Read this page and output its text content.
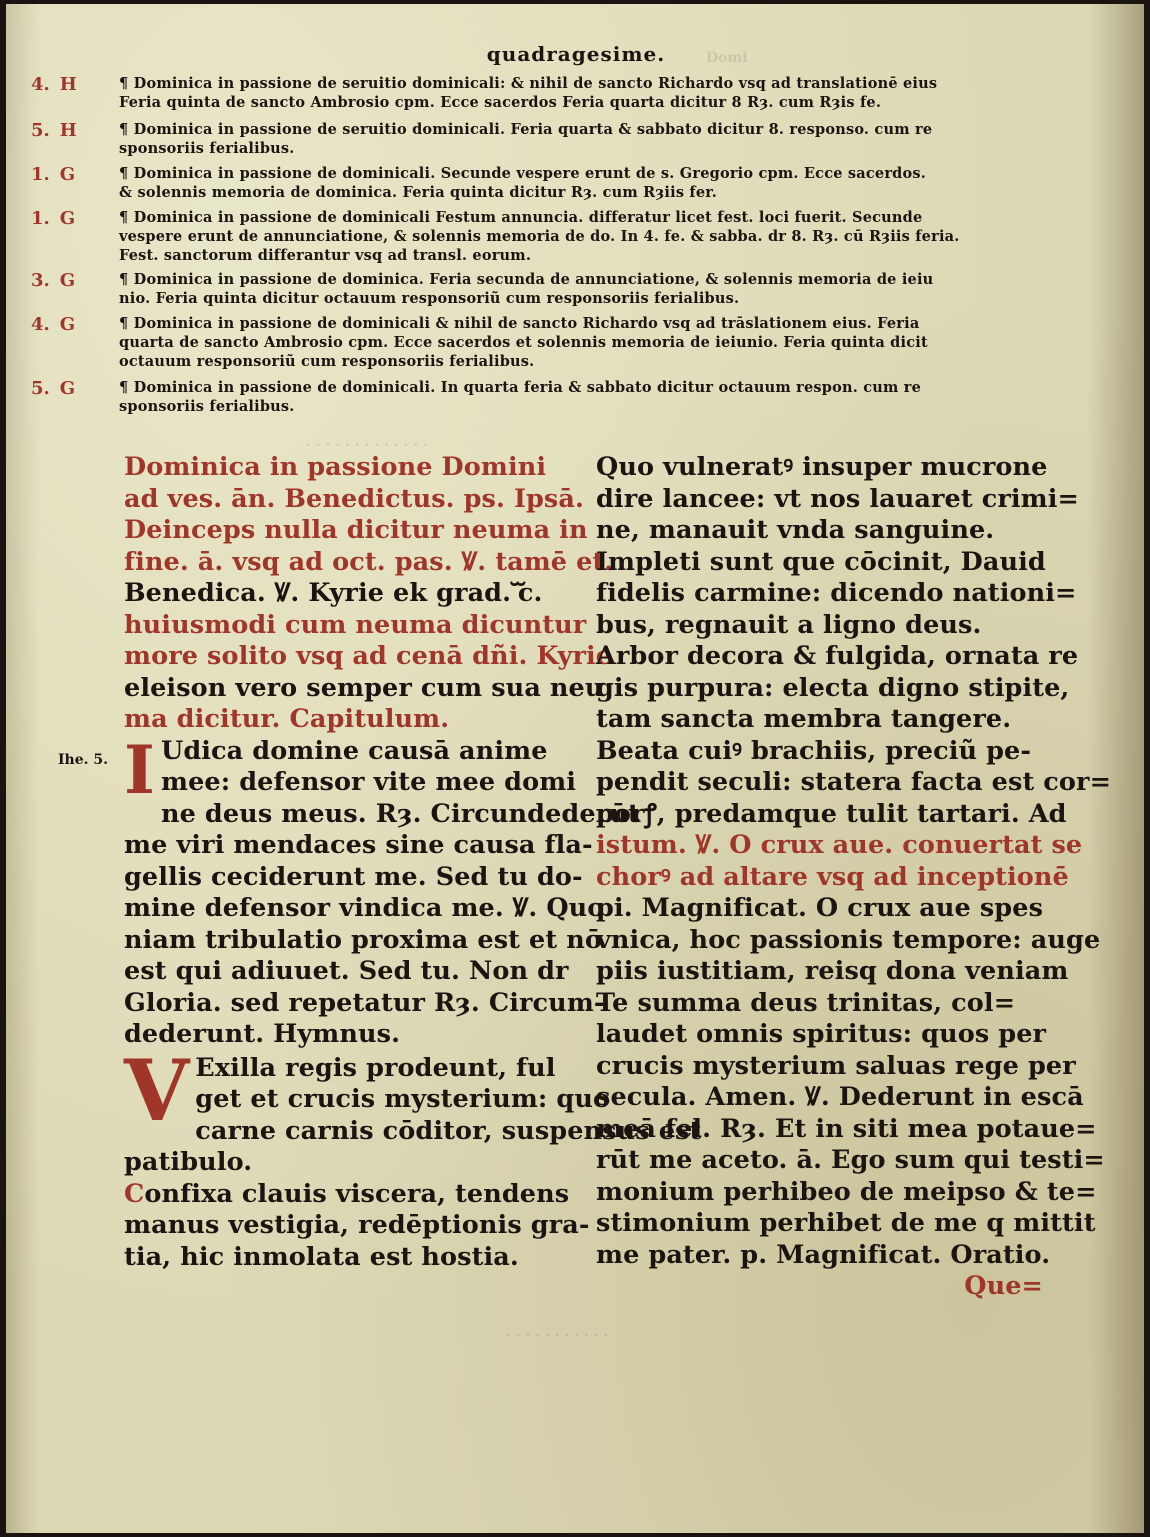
Domi
. . . . . . . . . . . . .
. . . . . . . . . . .
quadragesime.
4. H	¶ Dominica in passione de seruitio dominicali: & nihil de sancto Richardo vsq ad translationē eius

Feria quinta de sancto Ambrosio cpm. Ecce sacerdos Feria quarta dicitur 8 Rȝ. cum Rȝis fe.

5. H	¶ Dominica in passione de seruitio dominicali. Feria quarta & sabbato dicitur 8. responso. cum re

sponsoriis ferialibus.

1. G	¶ Dominica in passione de dominicali. Secunde vespere erunt de s. Gregorio cpm. Ecce sacerdos.

& solennis memoria de dominica. Feria quinta dicitur Rȝ. cum Rȝiis fer.

1. G	¶ Dominica in passione de dominicali Festum annuncia. differatur licet fest. loci fuerit. Secunde

vespere erunt de annunciatione, & solennis memoria de do. In 4. fe. & sabba. dr 8. Rȝ. cū Rȝiis feria.

Fest. sanctorum differantur vsq ad transl. eorum.

3. G	¶ Dominica in passione de dominica. Feria secunda de annunciatione, & solennis memoria de ieiu

nio. Feria quinta dicitur octauum responsoriũ cum responsoriis ferialibus.

4. G	¶ Dominica in passione de dominicali & nihil de sancto Richardo vsq ad trāslationem eius. Feria

quarta de sancto Ambrosio cpm. Ecce sacerdos et solennis memoria de ieiunio. Feria quinta dicit

octauum responsoriũ cum responsoriis ferialibus.

5. G	¶ Dominica in passione de dominicali. In quarta feria & sabbato dicitur octauum respon. cum re

sponsoriis ferialibus.

Ihe. 5.

Dominica in passione Domini

ad ves. ān. Benedictus. ps. Ipsā.

Deinceps nulla dicitur neuma in

fine. ā. vsq ad oct. pas. Ꝟ. tamē et.

Benedica. Ꝟ. Kyrie ek grad. ᷓc.

huiusmodi cum neuma dicuntur

more solito vsq ad cenā dñi. Kyrie

eleison vero semper cum sua neu

ma dicitur. Capitulum.

I Udica domine causā anime

mee: defensor vite mee domi

ne deus meus. Rȝ. Circundederūt

me viri mendaces sine causa fla-

gellis ceciderunt me. Sed tu do-

mine defensor vindica me. Ꝟ. Quo

niam tribulatio proxima est et nō

est qui adiuuet. Sed tu. Non dr

Gloria. sed repetatur Rȝ. Circum-

dederunt. Hymnus.

V Exilla regis prodeunt, ful

get et crucis mysterium: quo

carne carnis cōditor, suspensus est

patibulo.

Confixa clauis viscera, tendens

manus vestigia, redēptionis gra-

tia, hic inmolata est hostia.

Quo vulneratꝰ insuper mucrone

dire lancee: vt nos lauaret crimi=

ne, manauit vnda sanguine.

Impleti sunt que cōcinit, Dauid

fidelis carmine: dicendo nationi=

bus, regnauit a ligno deus.

Arbor decora & fulgida, ornata re

gis purpura: electa digno stipite,

tam sancta membra tangere.

Beata cuiꝰ brachiis, preciũ pe-

pendit seculi: statera facta est cor=

porꝭ, predamque tulit tartari. Ad

istum. Ꝟ. O crux aue. conuertat se

chorꝰ ad altare vsq ad inceptionē

pi. Magnificat. O crux aue spes

vnica, hoc passionis tempore: auge

piis iustitiam, reisq dona veniam

Te summa deus trinitas, col=

laudet omnis spiritus: quos per

crucis mysterium saluas rege per

secula. Amen. Ꝟ. Dederunt in escā

meā fel. Rȝ. Et in siti mea potaue=

rūt me aceto. ā. Ego sum qui testi=

monium perhibeo de meipso & te=

stimonium perhibet de me q mittit

me pater. p. Magnificat. Oratio.

Que=
